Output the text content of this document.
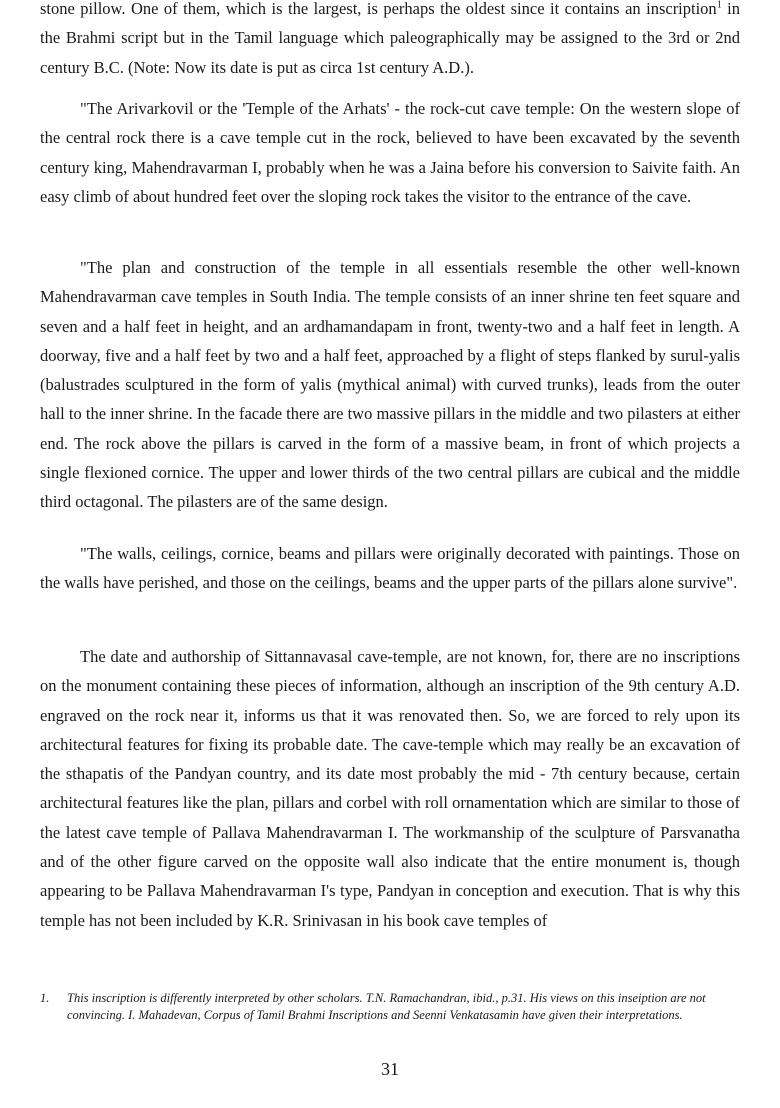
stone pillow. One of them, which is the largest, is perhaps the oldest since it contains an inscription$^1$ in the Brahmi script but in the Tamil language which paleographically may be assigned to the 3rd or 2nd century B.C. (Note: Now its date is put as circa 1st century A.D.).

"The Arivarkovil or the 'Temple of the Arhats' - the rock-cut cave temple: On the western slope of the central rock there is a cave temple cut in the rock, believed to have been excavated by the seventh century king, Mahendravarman I, probably when he was a Jaina before his conversion to Saivite faith. An easy climb of about hundred feet over the sloping rock takes the visitor to the entrance of the cave.

"The plan and construction of the temple in all essentials resemble the other well-known Mahendravarman cave temples in South India. The temple consists of an inner shrine ten feet square and seven and a half feet in height, and an ardhamandapam in front, twenty-two and a half feet in length. A doorway, five and a half feet by two and a half feet, approached by a flight of steps flanked by surul-yalis (balustrades sculptured in the form of yalis (mythical animal) with curved trunks), leads from the outer hall to the inner shrine. In the facade there are two massive pillars in the middle and two pilasters at either end. The rock above the pillars is carved in the form of a massive beam, in front of which projects a single flexioned cornice. The upper and lower thirds of the two central pillars are cubical and the middle third octagonal. The pilasters are of the same design.

"The walls, ceilings, cornice, beams and pillars were originally decorated with paintings. Those on the walls have perished, and those on the ceilings, beams and the upper parts of the pillars alone survive".

The date and authorship of Sittannavasal cave-temple, are not known, for, there are no inscriptions on the monument containing these pieces of information, although an inscription of the 9th century A.D. engraved on the rock near it, informs us that it was renovated then. So, we are forced to rely upon its architectural features for fixing its probable date. The cave-temple which may really be an excavation of the sthapatis of the Pandyan country, and its date most probably the mid - 7th century because, certain architectural features like the plan, pillars and corbel with roll ornamentation which are similar to those of the latest cave temple of Pallava Mahendravarman I. The workmanship of the sculpture of Parsvanatha and of the other figure carved on the opposite wall also indicate that the entire monument is, though appearing to be Pallava Mahendravarman I's type, Pandyan in conception and execution. That is why this temple has not been included by K.R. Srinivasan in his book cave temples of

1. This inscription is differently interpreted by other scholars. T.N. Ramachandran, ibid., p.31. His views on this inseiption are not convincing. I. Mahadevan, Corpus of Tamil Brahmi Inscriptions and Seenni Venkatasamin have given their interpretations.

31
